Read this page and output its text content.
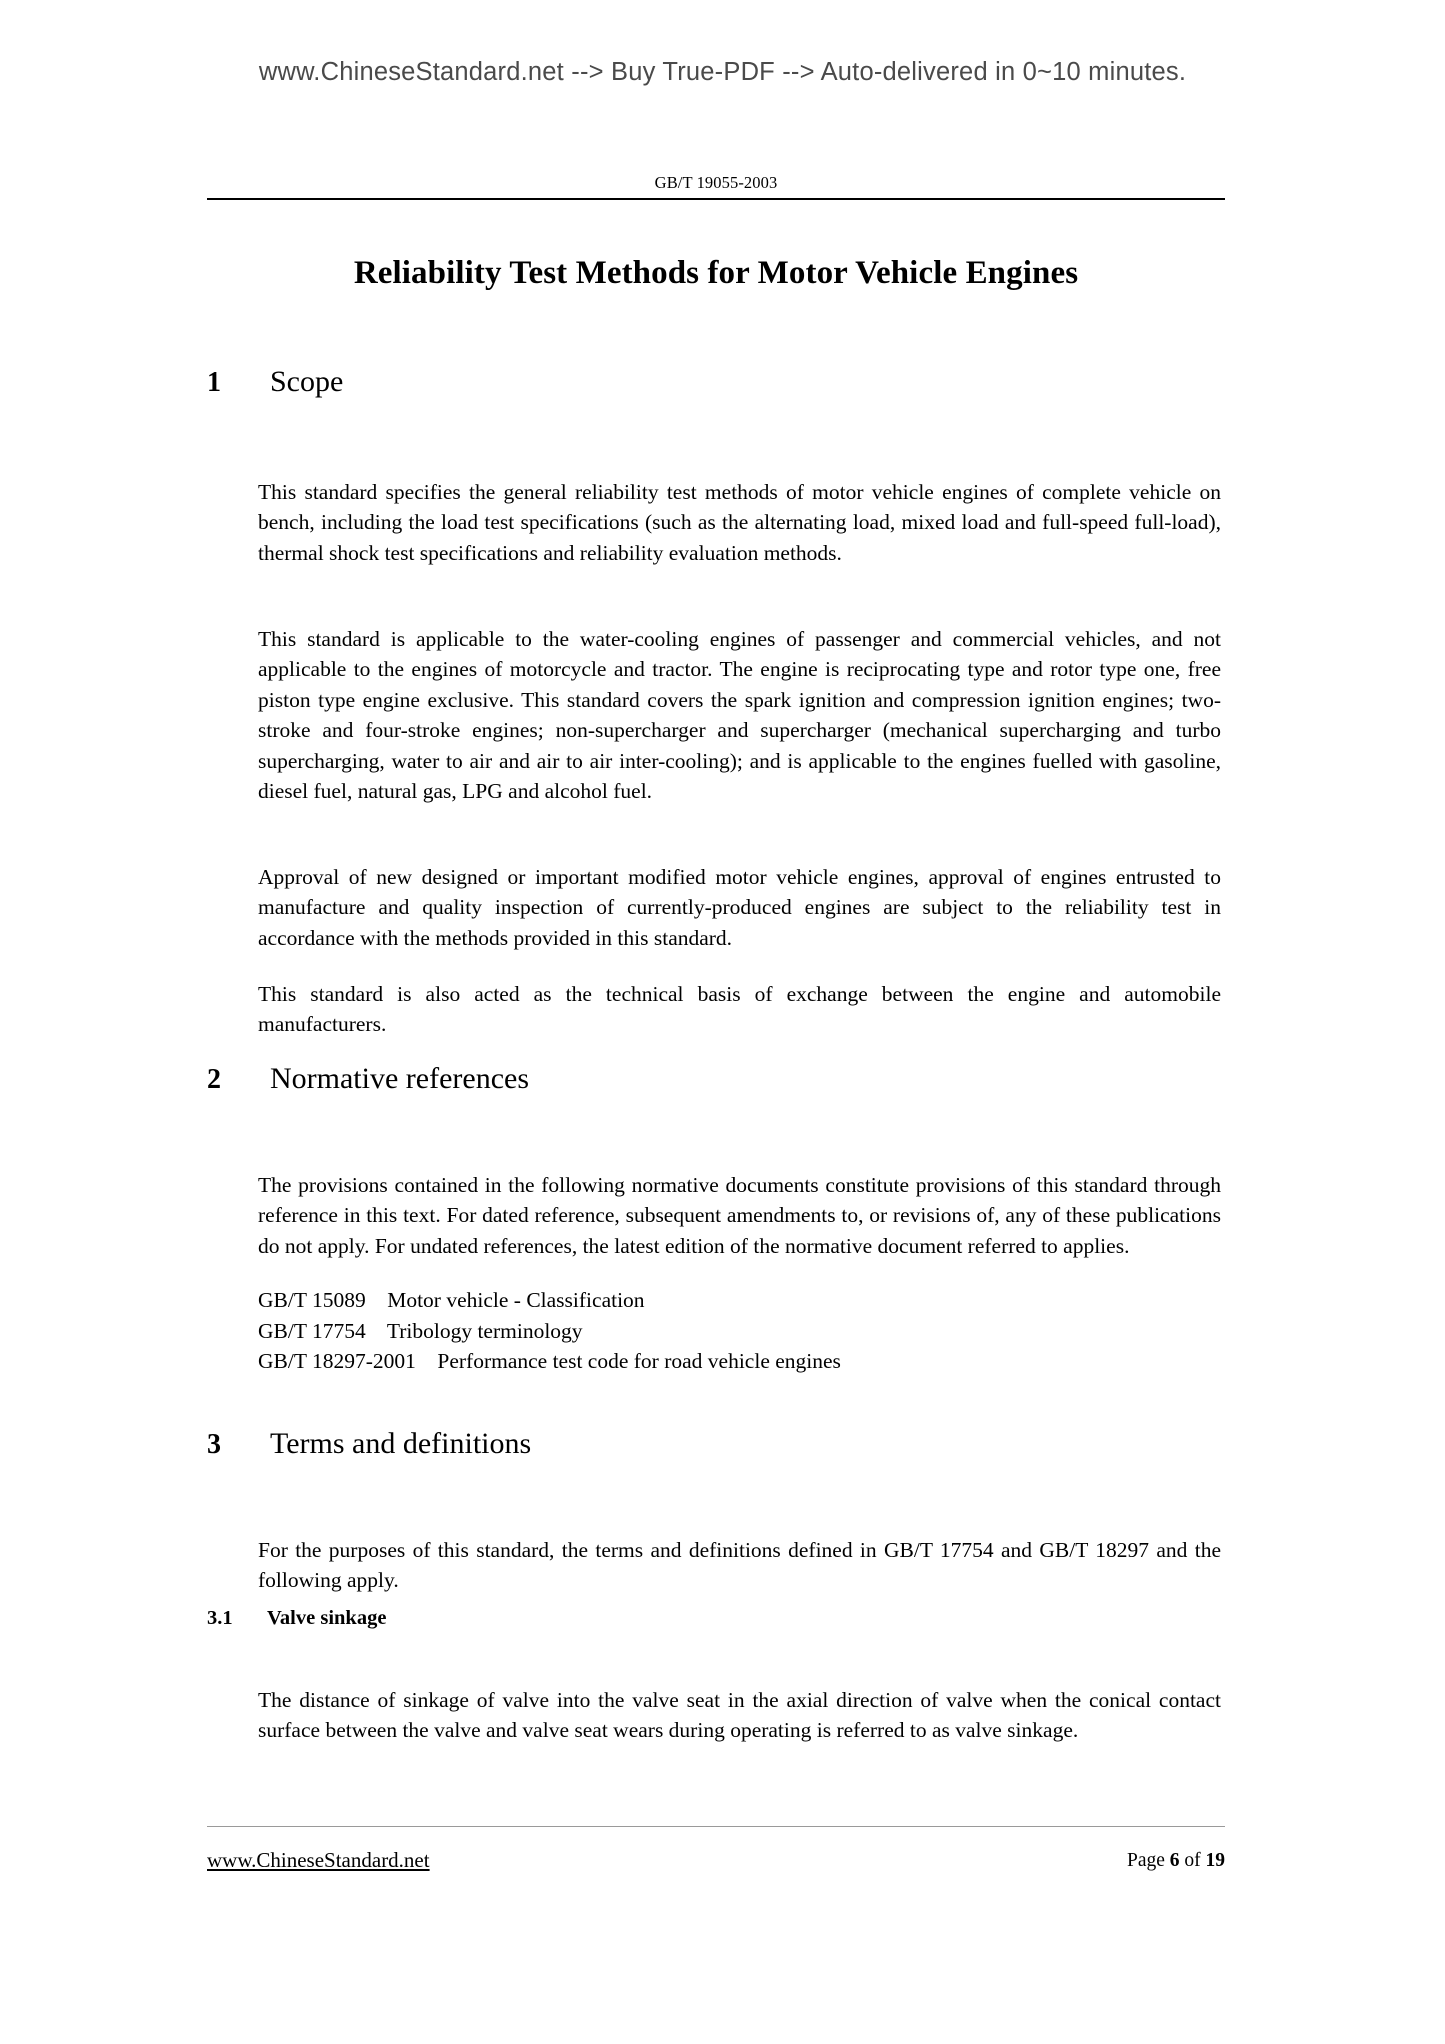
www.ChineseStandard.net --> Buy True-PDF --> Auto-delivered in 0~10 minutes.
GB/T 19055-2003
Reliability Test Methods for Motor Vehicle Engines
1	Scope

This standard specifies the general reliability test methods of motor vehicle engines of complete vehicle on bench, including the load test specifications (such as the alternating load, mixed load and full-speed full-load), thermal shock test specifications and reliability evaluation methods.

This standard is applicable to the water-cooling engines of passenger and commercial vehicles, and not applicable to the engines of motorcycle and tractor. The engine is reciprocating type and rotor type one, free piston type engine exclusive. This standard covers the spark ignition and compression ignition engines; two-stroke and four-stroke engines; non-supercharger and supercharger (mechanical supercharging and turbo supercharging, water to air and air to air inter-cooling); and is applicable to the engines fuelled with gasoline, diesel fuel, natural gas, LPG and alcohol fuel.

Approval of new designed or important modified motor vehicle engines, approval of engines entrusted to manufacture and quality inspection of currently-produced engines are subject to the reliability test in accordance with the methods provided in this standard.

This standard is also acted as the technical basis of exchange between the engine and automobile manufacturers.

2	Normative references

The provisions contained in the following normative documents constitute provisions of this standard through reference in this text. For dated reference, subsequent amendments to, or revisions of, any of these publications do not apply. For undated references, the latest edition of the normative document referred to applies.

GB/T 15089 Motor vehicle - Classification
GB/T 17754 Tribology terminology
GB/T 18297-2001 Performance test code for road vehicle engines
3	Terms and definitions

For the purposes of this standard, the terms and definitions defined in GB/T 17754 and GB/T 18297 and the following apply.

3.1	Valve sinkage

The distance of sinkage of valve into the valve seat in the axial direction of valve when the conical contact surface between the valve and valve seat wears during operating is referred to as valve sinkage.

www.ChineseStandard.net	Page 6 of 19
